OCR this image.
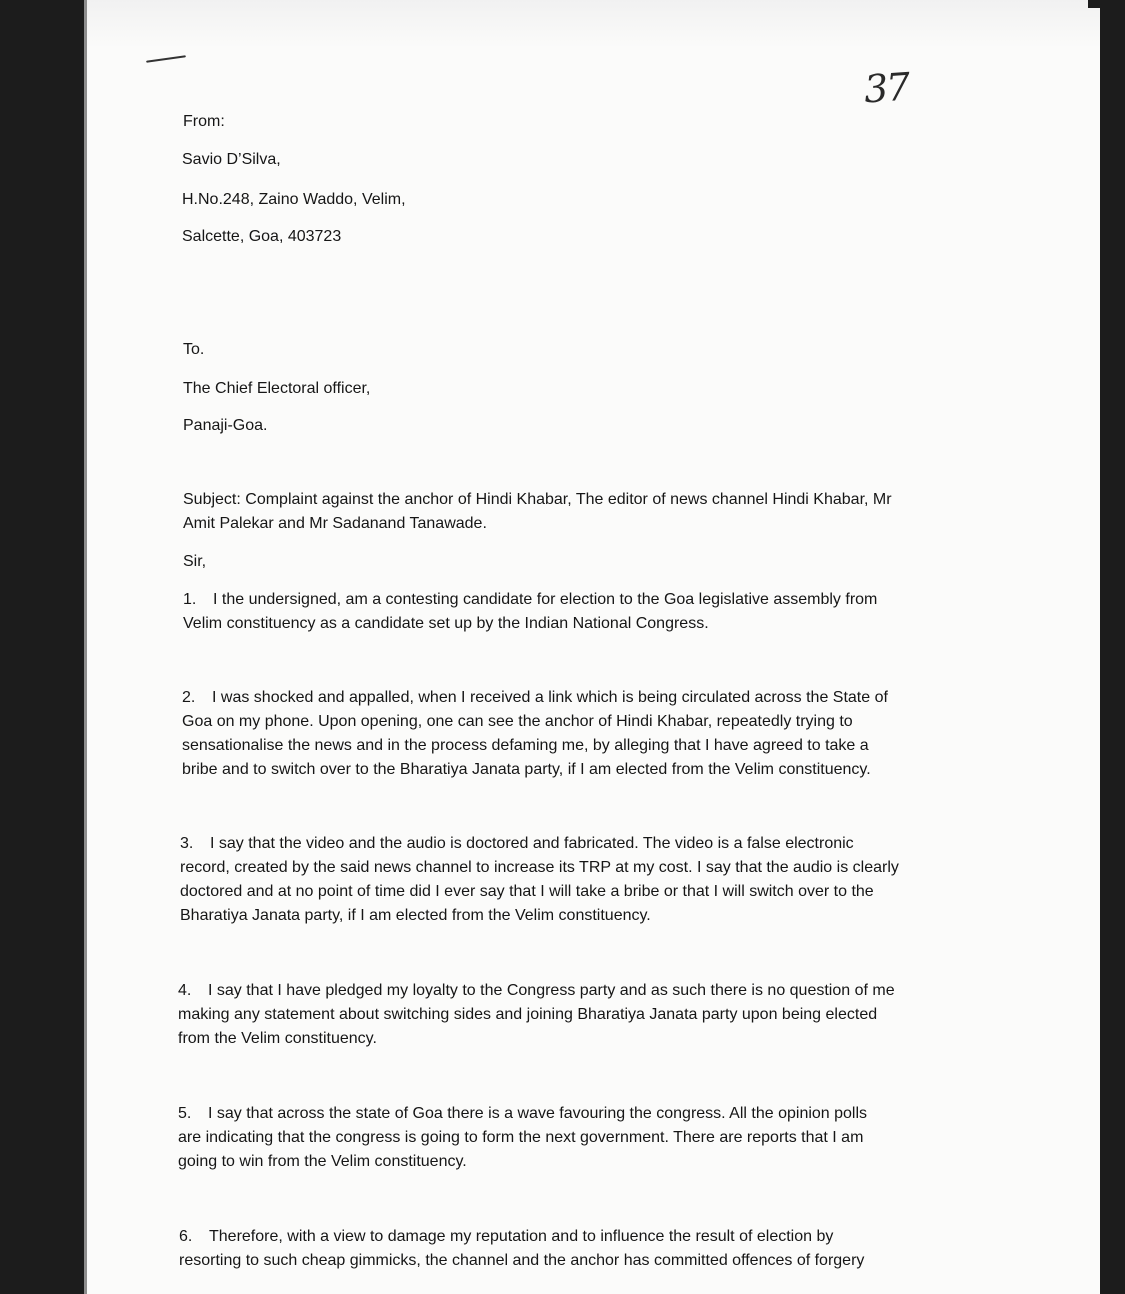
37
From:
Savio D’Silva,
H.No.248, Zaino Waddo, Velim,
Salcette, Goa, 403723
To.
The Chief Electoral officer,
Panaji-Goa.
Subject: Complaint against the anchor of Hindi Khabar, The editor of news channel Hindi Khabar, Mr
Amit Palekar and Mr Sadanand Tanawade.
Sir,
1. I the undersigned, am a contesting candidate for election to the Goa legislative assembly from
Velim constituency as a candidate set up by the Indian National Congress.
2. I was shocked and appalled, when I received a link which is being circulated across the State of
Goa on my phone. Upon opening, one can see the anchor of Hindi Khabar, repeatedly trying to
sensationalise the news and in the process defaming me, by alleging that I have agreed to take a
bribe and to switch over to the Bharatiya Janata party, if I am elected from the Velim constituency.
3. I say that the video and the audio is doctored and fabricated. The video is a false electronic
record, created by the said news channel to increase its TRP at my cost. I say that the audio is clearly
doctored and at no point of time did I ever say that I will take a bribe or that I will switch over to the
Bharatiya Janata party, if I am elected from the Velim constituency.
4. I say that I have pledged my loyalty to the Congress party and as such there is no question of me
making any statement about switching sides and joining Bharatiya Janata party upon being elected
from the Velim constituency.
5. I say that across the state of Goa there is a wave favouring the congress. All the opinion polls
are indicating that the congress is going to form the next government. There are reports that I am
going to win from the Velim constituency.
6. Therefore, with a view to damage my reputation and to influence the result of election by
resorting to such cheap gimmicks, the channel and the anchor has committed offences of forgery
